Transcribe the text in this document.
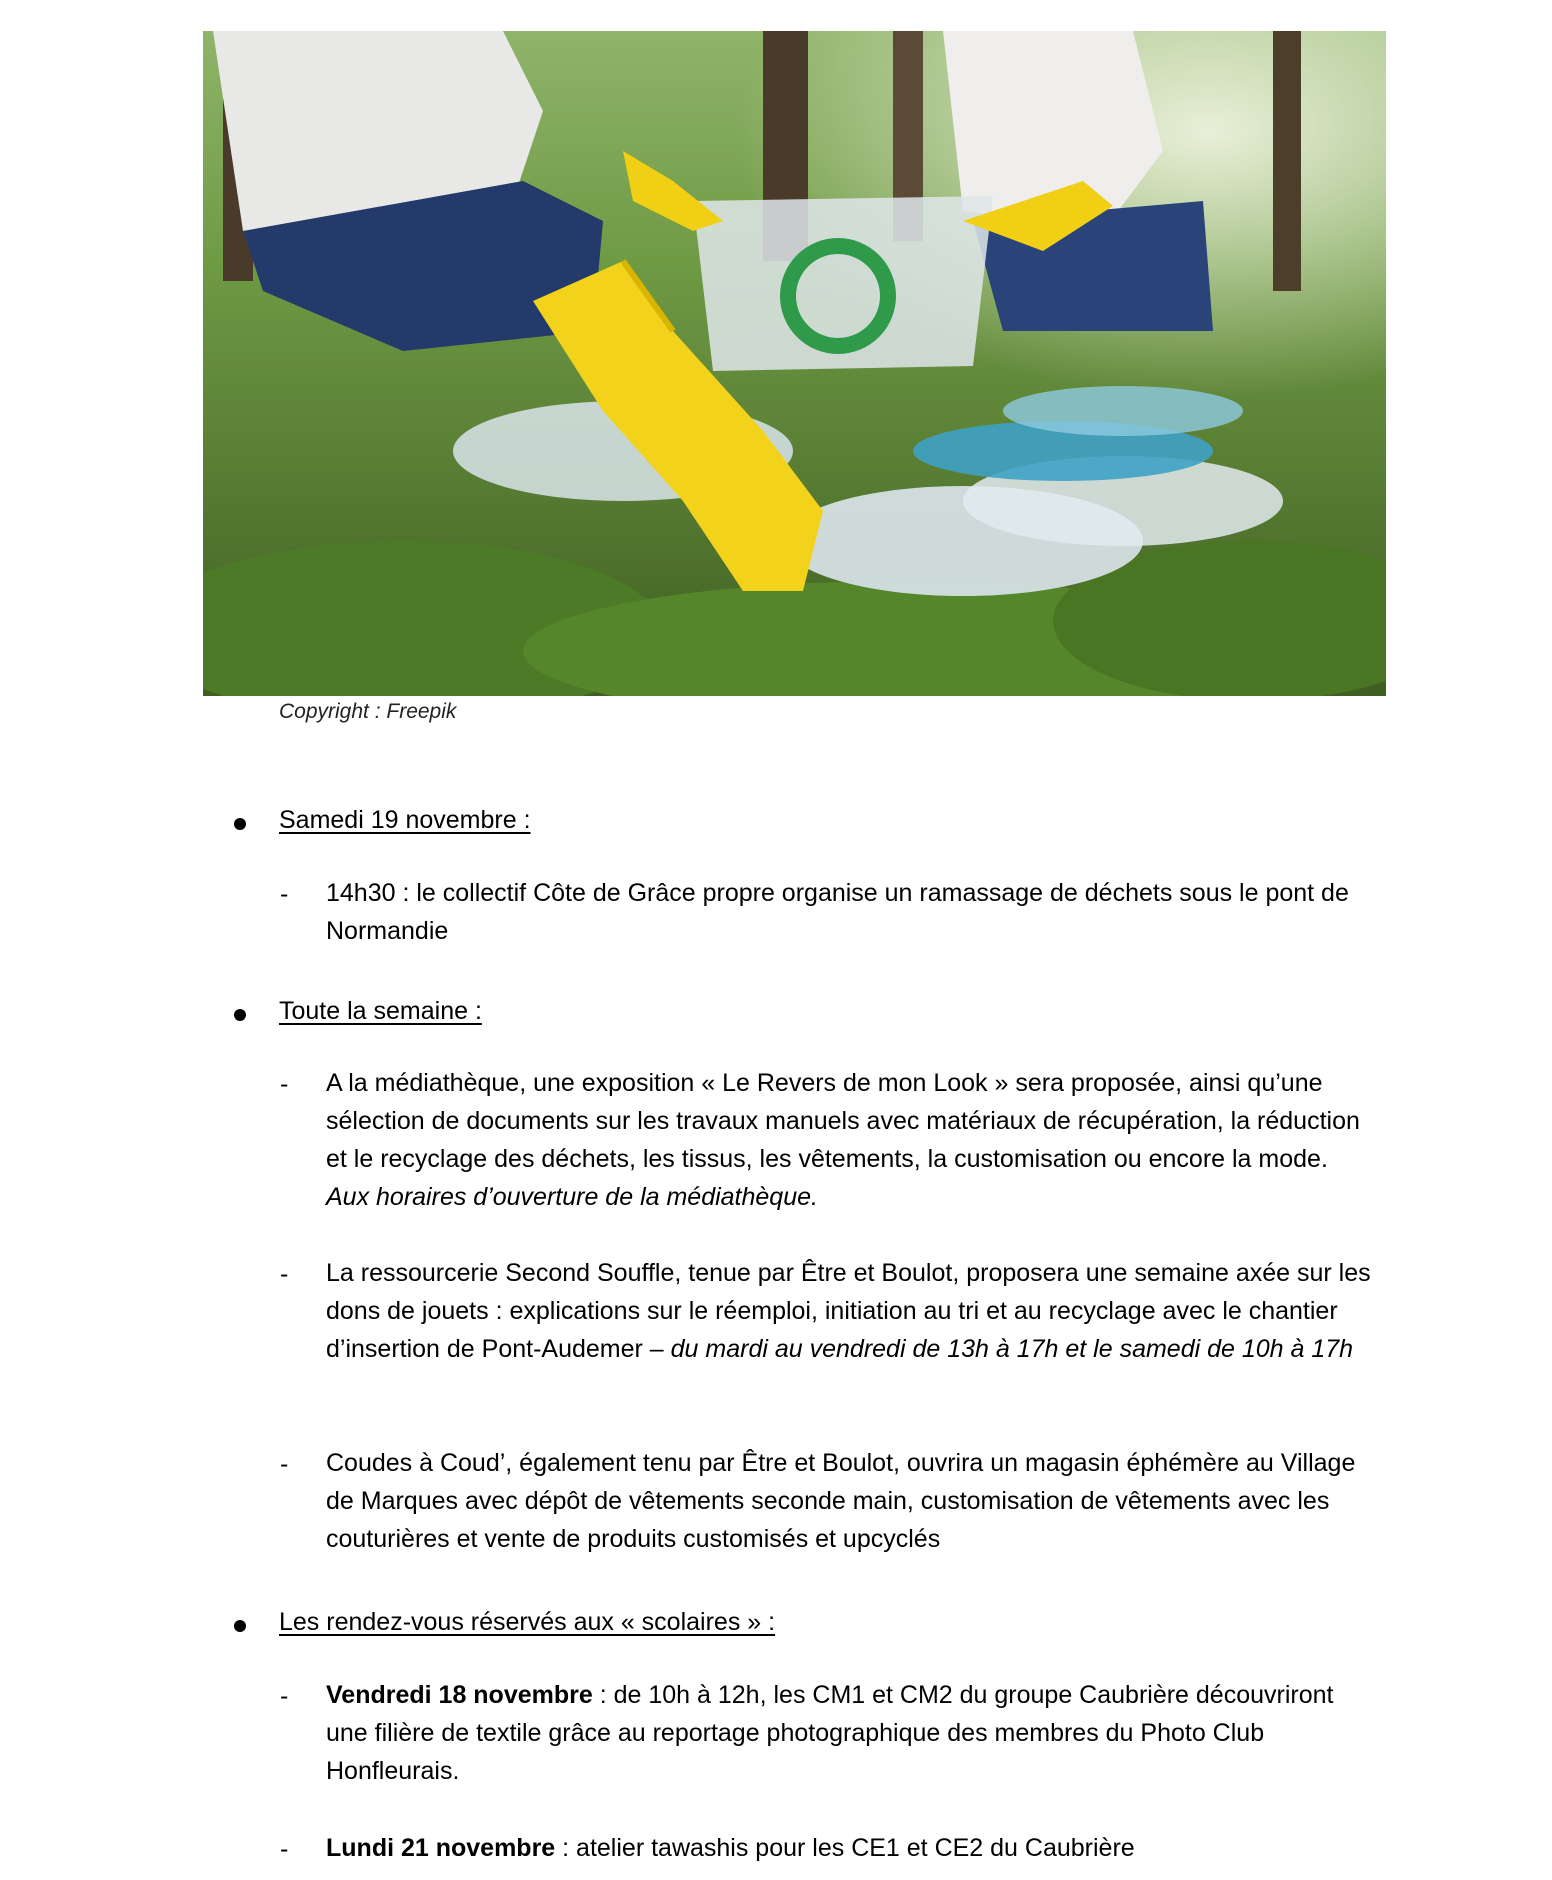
Copyright : Freepik
Samedi 19 novembre :
- 14h30 : le collectif Côte de Grâce propre organise un ramassage de déchets sous le pont de Normandie
Toute la semaine :
- A la médiathèque, une exposition « Le Revers de mon Look » sera proposée, ainsi qu’une sélection de documents sur les travaux manuels avec matériaux de récupération, la réduction et le recyclage des déchets, les tissus, les vêtements, la customisation ou encore la mode. Aux horaires d’ouverture de la médiathèque.
- La ressourcerie Second Souffle, tenue par Être et Boulot, proposera une semaine axée sur les dons de jouets : explications sur le réemploi, initiation au tri et au recyclage avec le chantier d’insertion de Pont-Audemer – du mardi au vendredi de 13h à 17h et le samedi de 10h à 17h
- Coudes à Coud’, également tenu par Être et Boulot, ouvrira un magasin éphémère au Village de Marques avec dépôt de vêtements seconde main, customisation de vêtements avec les couturières et vente de produits customisés et upcyclés
Les rendez-vous réservés aux « scolaires » :
- Vendredi 18 novembre : de 10h à 12h, les CM1 et CM2 du groupe Caubrière découvriront une filière de textile grâce au reportage photographique des membres du Photo Club Honfleurais.
- Lundi 21 novembre : atelier tawashis pour les CE1 et CE2 du Caubrière
